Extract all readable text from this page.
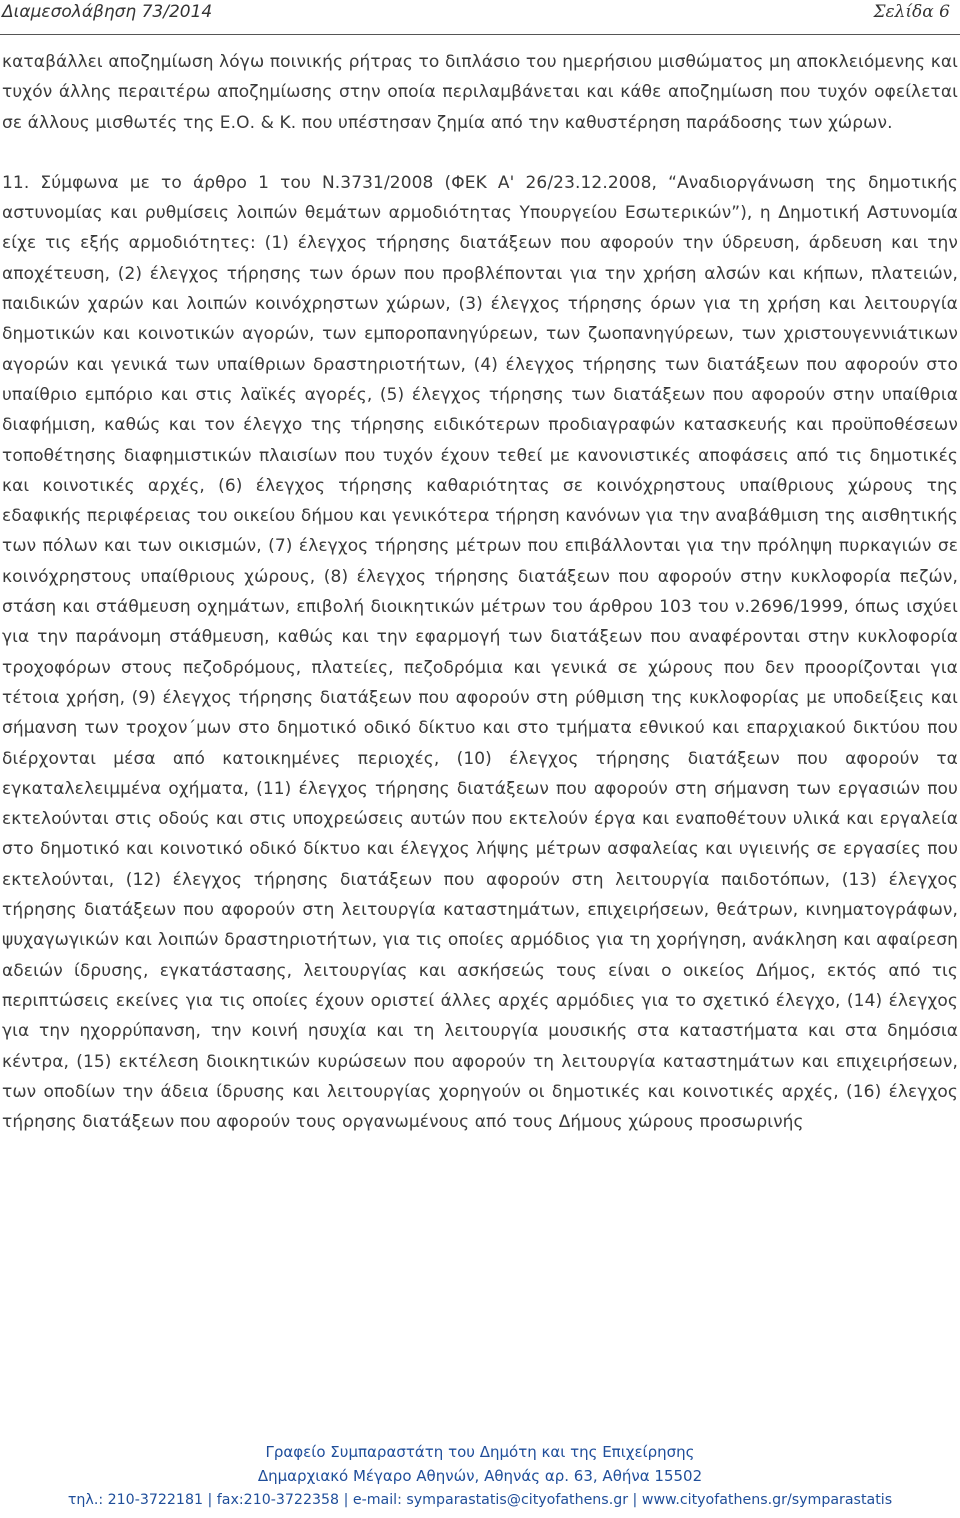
Διαμεσολάβηση 73/2014	Σελίδα 6

καταβάλλει αποζημίωση λόγω ποινικής ρήτρας το διπλάσιο του ημερήσιου μισθώματος μη αποκλειόμενης και τυχόν άλλης περαιτέρω αποζημίωσης στην οποία περιλαμβάνεται και κάθε αποζημίωση που τυχόν οφείλεται σε άλλους μισθωτές της Ε.Ο. & Κ. που υπέστησαν ζημία από την καθυστέρηση παράδοσης των χώρων.

11. Σύμφωνα με το άρθρο 1 του Ν.3731/2008 (ΦΕΚ Α' 26/23.12.2008, “Αναδιοργάνωση της δημοτικής αστυνομίας και ρυθμίσεις λοιπών θεμάτων αρμοδιότητας Υπουργείου Εσωτερικών”), η Δημοτική Αστυνομία είχε τις εξής αρμοδιότητες: (1) έλεγχος τήρησης διατάξεων που αφορούν την ύδρευση, άρδευση και την αποχέτευση, (2) έλεγχος τήρησης των όρων που προβλέπονται για την χρήση αλσών και κήπων, πλατειών, παιδικών χαρών και λοιπών κοινόχρηστων χώρων, (3) έλεγχος τήρησης όρων για τη χρήση και λειτουργία δημοτικών και κοινοτικών αγορών, των εμποροπανηγύρεων, των ζωοπανηγύρεων, των χριστουγεννιάτικων αγορών και γενικά των υπαίθριων δραστηριοτήτων, (4) έλεγχος τήρησης των διατάξεων που αφορούν στο υπαίθριο εμπόριο και στις λαϊκές αγορές, (5) έλεγχος τήρησης των διατάξεων που αφορούν στην υπαίθρια διαφήμιση, καθώς και τον έλεγχο της τήρησης ειδικότερων προδιαγραφών κατασκευής και προϋποθέσεων τοποθέτησης διαφημιστικών πλαισίων που τυχόν έχουν τεθεί με κανονιστικές αποφάσεις από τις δημοτικές και κοινοτικές αρχές, (6) έλεγχος τήρησης καθαριότητας σε κοινόχρηστους υπαίθριους χώρους της εδαφικής περιφέρειας του οικείου δήμου και γενικότερα τήρηση κανόνων για την αναβάθμιση της αισθητικής των πόλων και των οικισμών, (7) έλεγχος τήρησης μέτρων που επιβάλλονται για την πρόληψη πυρκαγιών σε κοινόχρηστους υπαίθριους χώρους, (8) έλεγχος τήρησης διατάξεων που αφορούν στην κυκλοφορία πεζών, στάση και στάθμευση οχημάτων, επιβολή διοικητικών μέτρων του άρθρου 103 του ν.2696/1999, όπως ισχύει για την παράνομη στάθμευση, καθώς και την εφαρμογή των διατάξεων που αναφέρονται στην κυκλοφορία τροχοφόρων στους πεζοδρόμους, πλατείες, πεζοδρόμια και γενικά σε χώρους που δεν προορίζονται για τέτοια χρήση, (9) έλεγχος τήρησης διατάξεων που αφορούν στη ρύθμιση της κυκλοφορίας με υποδείξεις και σήμανση των τροχον΄μων στο δημοτικό οδικό δίκτυο και στο τμήματα εθνικού και επαρχιακού δικτύου που διέρχονται μέσα από κατοικημένες περιοχές, (10) έλεγχος τήρησης διατάξεων που αφορούν τα εγκαταλελειμμένα οχήματα, (11) έλεγχος τήρησης διατάξεων που αφορούν στη σήμανση των εργασιών που εκτελούνται στις οδούς και στις υποχρεώσεις αυτών που εκτελούν έργα και εναποθέτουν υλικά και εργαλεία στο δημοτικό και κοινοτικό οδικό δίκτυο και έλεγχος λήψης μέτρων ασφαλείας και υγιεινής σε εργασίες που εκτελούνται, (12) έλεγχος τήρησης διατάξεων που αφορούν στη λειτουργία παιδοτόπων, (13) έλεγχος τήρησης διατάξεων που αφορούν στη λειτουργία καταστημάτων, επιχειρήσεων, θεάτρων, κινηματογράφων, ψυχαγωγικών και λοιπών δραστηριοτήτων, για τις οποίες αρμόδιος για τη χορήγηση, ανάκληση και αφαίρεση αδειών ίδρυσης, εγκατάστασης, λειτουργίας και ασκήσεώς τους είναι ο οικείος Δήμος, εκτός από τις περιπτώσεις εκείνες για τις οποίες έχουν οριστεί άλλες αρχές αρμόδιες για το σχετικό έλεγχο, (14) έλεγχος για την ηχορρύπανση, την κοινή ησυχία και τη λειτουργία μουσικής στα καταστήματα και στα δημόσια κέντρα, (15) εκτέλεση διοικητικών κυρώσεων που αφορούν τη λειτουργία καταστημάτων και επιχειρήσεων, των οποδίων την άδεια ίδρυσης και λειτουργίας χορηγούν οι δημοτικές και κοινοτικές αρχές, (16) έλεγχος τήρησης διατάξεων που αφορούν τους οργανωμένους από τους Δήμους χώρους προσωρινής

Γραφείο Συμπαραστάτη του Δημότη και της Επιχείρησης
Δημαρχιακό Μέγαρο Αθηνών, Αθηνάς αρ. 63, Αθήνα 15502
τηλ.: 210-3722181 | fax:210-3722358 | e-mail: symparastatis@cityofathens.gr | www.cityofathens.gr/symparastatis
